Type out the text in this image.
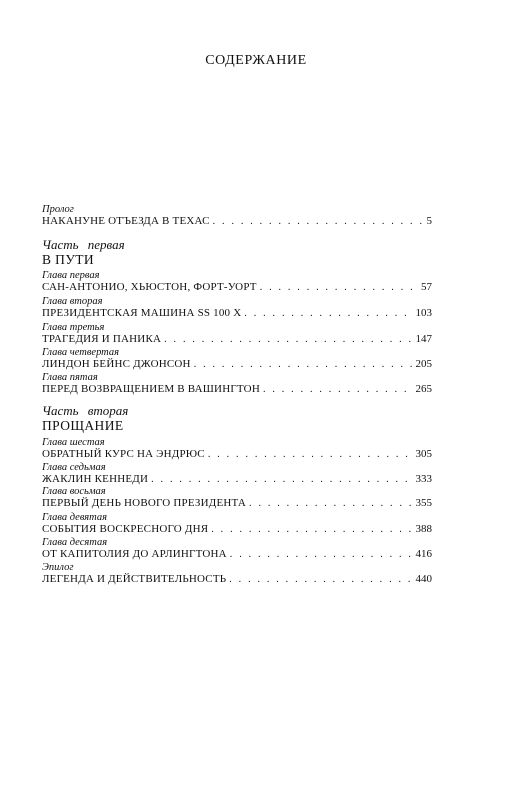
СОДЕРЖАНИЕ
Пролог
НАКАНУНЕ ОТЪЕЗДА В ТЕХАС . . .	5
Часть первая
В ПУТИ
Глава первая
САН-АНТОНИО, ХЬЮСТОН, ФОРТ-УОРТ . . .	57
Глава вторая
ПРЕЗИДЕНТСКАЯ МАШИНА SS 100 X . . .	103
Глава третья
ТРАГЕДИЯ И ПАНИКА . . .	147
Глава четвертая
ЛИНДОН БЕЙНС ДЖОНСОН . . .	205
Глава пятая
ПЕРЕД ВОЗВРАЩЕНИЕМ В ВАШИНГТОН . . .	265
Часть вторая
ПРОЩАНИЕ
Глава шестая
ОБРАТНЫЙ КУРС НА ЭНДРЮС . . .	305
Глава седьмая
ЖАКЛИН КЕННЕДИ . . .	333
Глава восьмая
ПЕРВЫЙ ДЕНЬ НОВОГО ПРЕЗИДЕНТА . . .	355
Глава девятая
СОБЫТИЯ ВОСКРЕСНОГО ДНЯ . . .	388
Глава десятая
ОТ КАПИТОЛИЯ ДО АРЛИНГТОНА . . .	416
Эпилог
ЛЕГЕНДА И ДЕЙСТВИТЕЛЬНОСТЬ . . .	440
